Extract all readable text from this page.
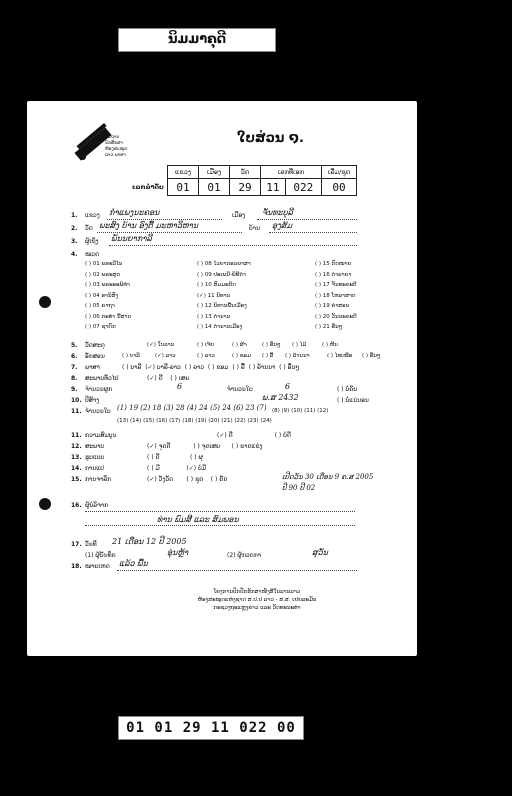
ນິມມາຄຸດີ
ສະຖານ
ນັກສຶກສາ
ຫ້ອງສະໝຸດ
ລາວ ພາສາ
ໃບສ່ວນ ໑.
ເລກລຳດັບ
ແຂວງ	ເມືອງ	ວັດ	ເລກທີ່ເອກ		ເລີ່ມ/ຊຸດ
01	01	29	11	022	00
1. ແຂວງ ກຳແພງນະຄອນ	ເມືອງ ຈັນທະບູລີ
2. ວັດ ພະສົງ ບ້ານ ອົງຕື້ ມະຫາວິຫານ	ບ້ານ ອຸງສ້ມ
3. ຜູ້ເຖິງ ພັນນຍາກາລີ
4. ໝວດ
( ) 01 ພຣະວີໄນ	( ) 08 ໄວຍາກອນພາສາ	( ) 15 ກົດໝາຍ
( ) 02 ພຣະສູດ	( ) 09 ປະເພນີ-ພິທີກຳ	( ) 16 ຕຳລາຍາ
( ) 03 ພຣະອະພິທຳ	( ) 10 ສົມມະກິດ	( ) 17 ຈັນທະຄະຕີ
( ) 04 ອານິສົງ	(✓) 11 ນິທານ	( ) 18 ໂຫລາສາດ
( ) 05 ຄາຖາ	( ) 12 ນິທານພື້ນເມືອງ	( ) 19 ຄຳສອນ
( ) 06 ກະທຳ ນີ້ສາດ	( ) 13 ຕຳນານ	( ) 20 ວັນນະຄະດີ
( ) 07 ຊາດົກ	( ) 14 ຕຳນານເມືອງ	( ) 21 ອື່ນໆ
5. ວັດສະດຸ	(✓) ໃບລານ	( ) ເຈ້ຍ	( ) ຜ້າ	( ) ອື່ນໆ ( ) ໄມ້	( ) ຫີນ
6. ອັກສອນ	( ) ບາລີ	(✓) ລາວ	( ) ລາວ	( ) ຂອມ ( ) ລື້ ( ) ລ້ານນາ	( ) ໄທເໜືອ ( ) ອື່ນໆ
7. ພາສາ	( ) ບາລີ (✓) ບາລີ-ລາວ ( ) ລາວ ( ) ຂອມ ( ) ລື້ ( ) ລ້ານນາ ( ) ອື່ນໆ
8. ສະພາບທົ່ວໄປ	(✓) ດີ ( ) ເສຍ
9. ຈຳນວນຜູກ	6	ຈຳນວນໃບ	6	( ) ບໍ່ຄົບ
10. ປີສ້າງ	ພ.ສ 2432	( ) ບໍ່ແນ່ນອນ
11. ຈຳນວນໃບ (1) 19 (2) 18 (3) 28 (4) 24 (5) 24 (6) 23 (7) (8) (9) (10) (11) (12)
(13) (14) (15) (16) (17) (18) (19) (20) (21) (22) (23) (24)
11. ຄວາມສົມບູນ	(✓) ດີ	( ) ບໍ່ດີ
12. ສະພາບ	(✓) ຈຸດດີ	( ) ຈຸດເສຍ ( ) ຂາດແຂ່ງ
13. ຮູບແບບ	( ) ດີ	( ) ຜຸ
14. ການແປ	( ) ມີ	(✓) ບໍ່ມີ
15. ການຈາລຶກ	(✓) ວັງວັດ ( ) ຊຸດ ( ) ຄັດ	ເປີດວັນ 30 ເດືອນ 9 ຄ.ສ 2005
ປີ 90 ປີ 02
16. ຜູ້ບໍລິຈາກ
ທ່ານ ພົມສີ ແລະ ສົມພອນ
17. ວັນທີ 21 ເດືອນ 12 ປີ 2005
(1) ຜູ້ບັນທຶກ	ອຸ່ນຫຼ້າ	(2) ຜູ້ກວດກາ	ສຸວັນ
18. ໝາຍເຫດ ແລ້ວ ພື້ນ
ໂຄງການປົກປັກຮັກສາໜັງສືໃບລານລາວ
ຫ້ອງສະໝຸດແຫ່ງຊາດ ສ.ປ.ປ ລາວ - ສ.ສ. ເຢຍລະມັນ
ກະຊວງຖະແຫຼງຂ່າວ ແລະ ວັດທະນະທຳ
01 01 29 11 022 00
